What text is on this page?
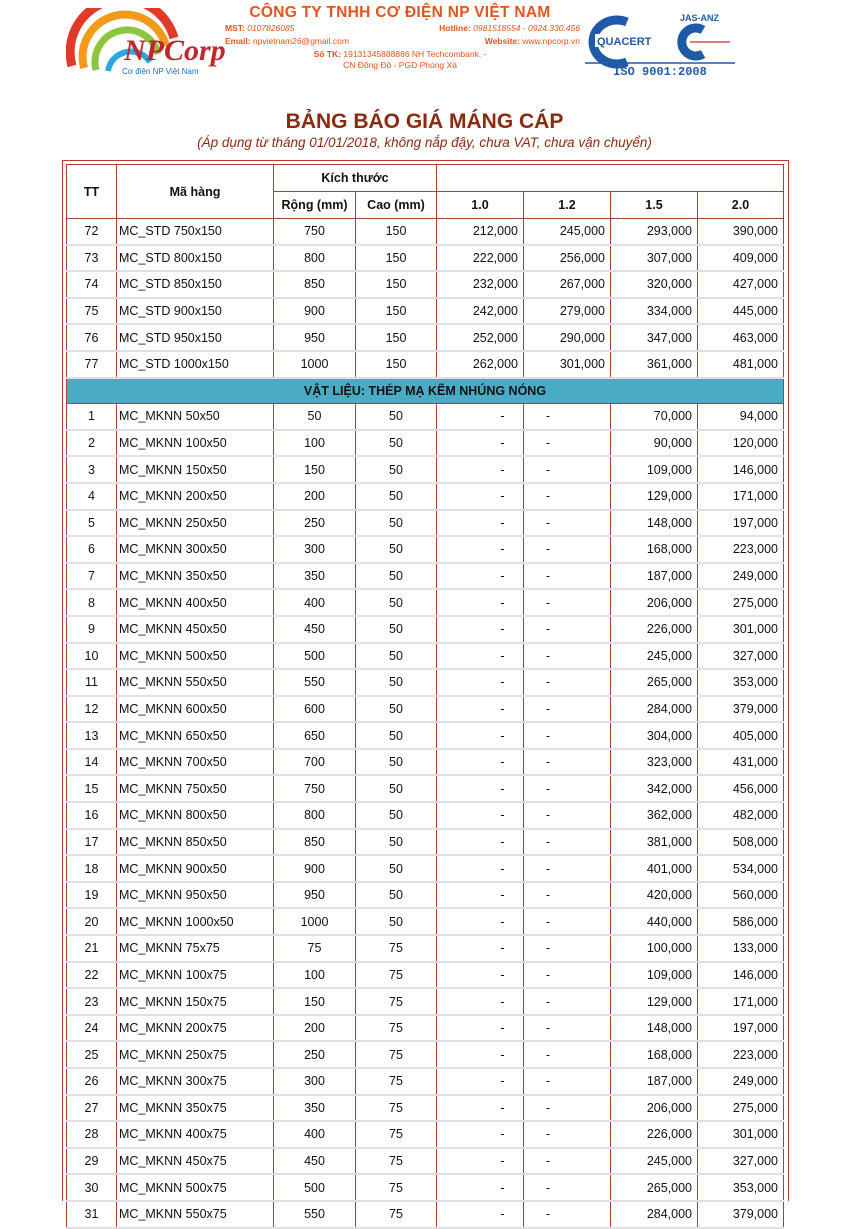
NPCorp
Cơ điện NP Việt Nam
CÔNG TY TNHH CƠ ĐIỆN NP VIỆT NAM
MST: 0107826085	Hotline: 0981518554 - 0924.330.456
Email: npvietnam26@gmail.com	Website: www.npcorp.vn
Số TK: 19131345888886 NH Techcombank. -
CN Đông Đô - PGD Phùng Xá
vn
QUACERT
JAS-ANZ
ISO 9001:2008
BẢNG BÁO GIÁ MÁNG CÁP
(Áp dụng từ tháng 01/01/2018, không nắp đậy, chưa VAT, chưa vận chuyển)
TT	Mã hàng	Kích thước					
		Rộng (mm)	Cao (mm)	1.0	1.2	1.5	2.0
72	MC_STD 750x150	750	150	212,000	245,000	293,000	390,000
73	MC_STD 800x150	800	150	222,000	256,000	307,000	409,000
74	MC_STD 850x150	850	150	232,000	267,000	320,000	427,000
75	MC_STD 900x150	900	150	242,000	279,000	334,000	445,000
76	MC_STD 950x150	950	150	252,000	290,000	347,000	463,000
77	MC_STD 1000x150	1000	150	262,000	301,000	361,000	481,000
VẬT LIỆU: THÉP MẠ KẼM NHÚNG NÓNG							
1	MC_MKNN 50x50	50	50	-	-	70,000	94,000
2	MC_MKNN 100x50	100	50	-	-	90,000	120,000
3	MC_MKNN 150x50	150	50	-	-	109,000	146,000
4	MC_MKNN 200x50	200	50	-	-	129,000	171,000
5	MC_MKNN 250x50	250	50	-	-	148,000	197,000
6	MC_MKNN 300x50	300	50	-	-	168,000	223,000
7	MC_MKNN 350x50	350	50	-	-	187,000	249,000
8	MC_MKNN 400x50	400	50	-	-	206,000	275,000
9	MC_MKNN 450x50	450	50	-	-	226,000	301,000
10	MC_MKNN 500x50	500	50	-	-	245,000	327,000
11	MC_MKNN 550x50	550	50	-	-	265,000	353,000
12	MC_MKNN 600x50	600	50	-	-	284,000	379,000
13	MC_MKNN 650x50	650	50	-	-	304,000	405,000
14	MC_MKNN 700x50	700	50	-	-	323,000	431,000
15	MC_MKNN 750x50	750	50	-	-	342,000	456,000
16	MC_MKNN 800x50	800	50	-	-	362,000	482,000
17	MC_MKNN 850x50	850	50	-	-	381,000	508,000
18	MC_MKNN 900x50	900	50	-	-	401,000	534,000
19	MC_MKNN 950x50	950	50	-	-	420,000	560,000
20	MC_MKNN 1000x50	1000	50	-	-	440,000	586,000
21	MC_MKNN 75x75	75	75	-	-	100,000	133,000
22	MC_MKNN 100x75	100	75	-	-	109,000	146,000
23	MC_MKNN 150x75	150	75	-	-	129,000	171,000
24	MC_MKNN 200x75	200	75	-	-	148,000	197,000
25	MC_MKNN 250x75	250	75	-	-	168,000	223,000
26	MC_MKNN 300x75	300	75	-	-	187,000	249,000
27	MC_MKNN 350x75	350	75	-	-	206,000	275,000
28	MC_MKNN 400x75	400	75	-	-	226,000	301,000
29	MC_MKNN 450x75	450	75	-	-	245,000	327,000
30	MC_MKNN 500x75	500	75	-	-	265,000	353,000
31	MC_MKNN 550x75	550	75	-	-	284,000	379,000
